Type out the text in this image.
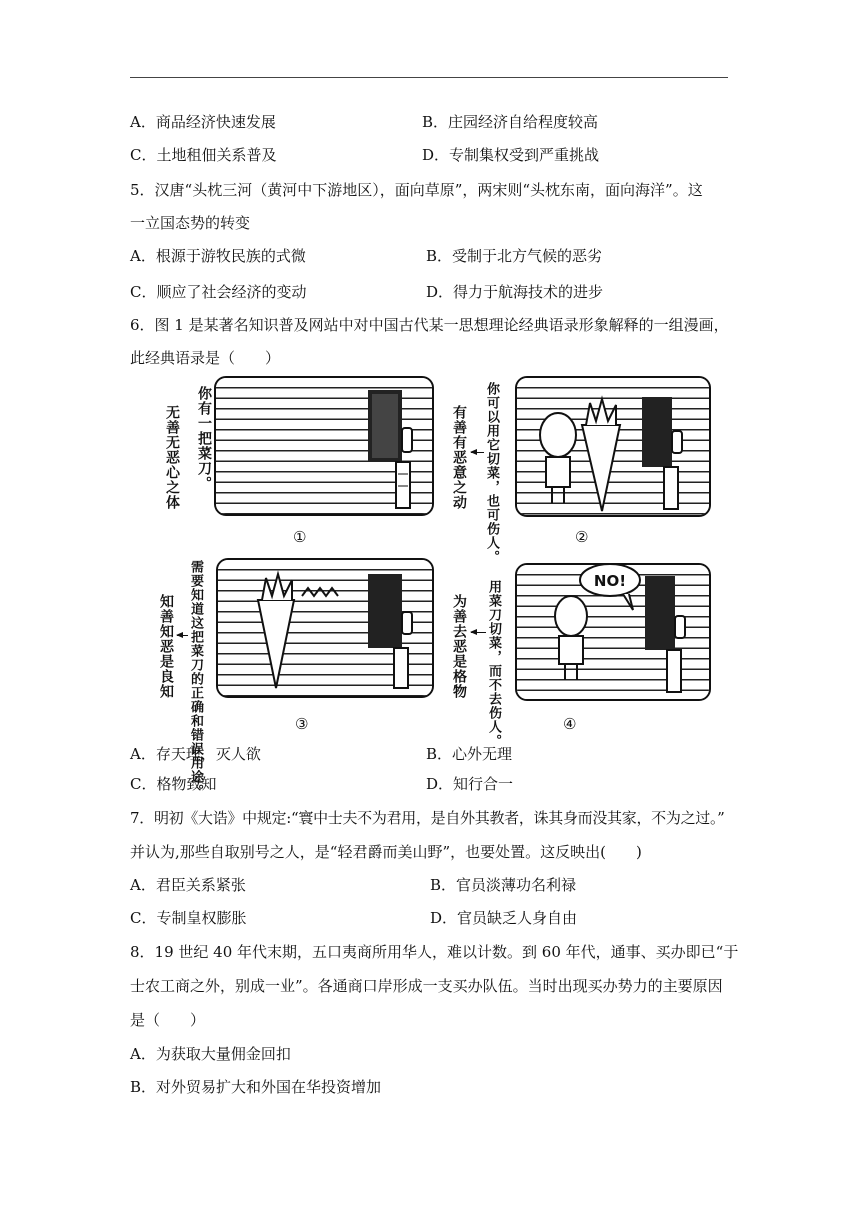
A．商品经济快速发展	B．庄园经济自给程度较高
C．土地租佃关系普及	D．专制集权受到严重挑战
5．汉唐“头枕三河（黄河中下游地区），面向草原”，两宋则“头枕东南，面向海洋”。这
一立国态势的转变
A．根源于游牧民族的式微	B．受制于北方气候的恶劣
C．顺应了社会经济的变动	D．得力于航海技术的进步
6．图 1 是某著名知识普及网站中对中国古代某一思想理论经典语录形象解释的一组漫画，
此经典语录是（　　）
无善无恶心之体 你有一把菜刀。
①
有善有恶意之动 你可以用它切菜，也可伤人。	②
知善知恶是良知 需要知道这把菜刀的正确和错误用途。	③
为善去恶是格物 用菜刀切菜，而不去伤人。	NO!
④
A．存天理，灭人欲	B．心外无理
C．格物致知	D．知行合一
7．明初《大诰》中规定:“寰中士夫不为君用，是自外其教者，诛其身而没其家，不为之过。”
并认为,那些自取别号之人，是“轻君爵而美山野”，也要处置。这反映出(　　)
A．君臣关系紧张	B．官员淡薄功名利禄
C．专制皇权膨胀	D．官员缺乏人身自由
8．19 世纪 40 年代末期，五口夷商所用华人，难以计数。到 60 年代，通事、买办即已“于
士农工商之外，别成一业”。各通商口岸形成一支买办队伍。当时出现买办势力的主要原因
是（　　）
A．为获取大量佣金回扣
B．对外贸易扩大和外国在华投资增加
